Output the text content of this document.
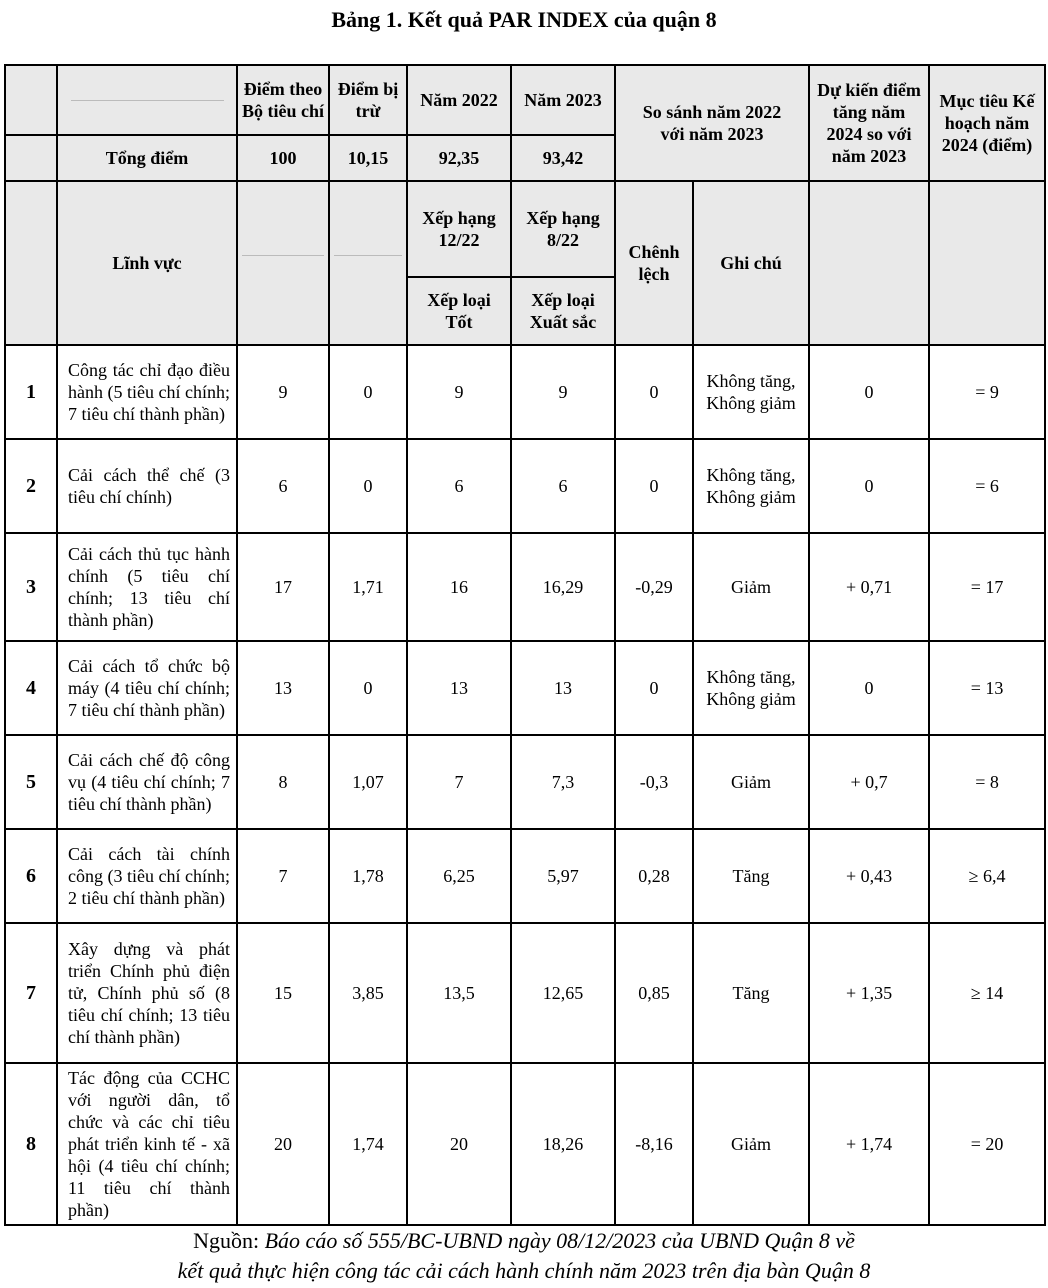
Bảng 1. Kết quả PAR INDEX của quận 8

	Điểm theo Bộ tiêu chí	Điểm bị trừ	Năm 2022	Năm 2023	So sánh năm 2022 với năm 2023		Dự kiến điểm tăng năm 2024 so với năm 2023	Mục tiêu Kế hoạch năm 2024 (điểm)
	Tổng điểm	100	10,15	92,35	93,42				
	Lĩnh vực			Xếp hạng 12/22	Xếp hạng 8/22	Chênh lệch	Ghi chú		
				Xếp loại Tốt	Xếp loại Xuất sắc				
1	Công tác chỉ đạo điều hành (5 tiêu chí chính; 7 tiêu chí thành phần)	9	0	9	9	0	Không tăng, Không giảm	0	= 9
2	Cải cách thể chế (3 tiêu chí chính)	6	0	6	6	0	Không tăng, Không giảm	0	= 6
3	Cải cách thủ tục hành chính (5 tiêu chí chính; 13 tiêu chí thành phần)	17	1,71	16	16,29	-0,29	Giảm	+ 0,71	= 17
4	Cải cách tổ chức bộ máy (4 tiêu chí chính; 7 tiêu chí thành phần)	13	0	13	13	0	Không tăng, Không giảm	0	= 13
5	Cải cách chế độ công vụ (4 tiêu chí chính; 7 tiêu chí thành phần)	8	1,07	7	7,3	-0,3	Giảm	+ 0,7	= 8
6	Cải cách tài chính công (3 tiêu chí chính; 2 tiêu chí thành phần)	7	1,78	6,25	5,97	0,28	Tăng	+ 0,43	≥ 6,4
7	Xây dựng và phát triển Chính phủ điện tử, Chính phủ số (8 tiêu chí chính; 13 tiêu chí thành phần)	15	3,85	13,5	12,65	0,85	Tăng	+ 1,35	≥ 14
8	Tác động của CCHC với người dân, tổ chức và các chỉ tiêu phát triển kinh tế - xã hội (4 tiêu chí chính; 11 tiêu chí thành phần)	20	1,74	20	18,26	-8,16	Giảm	+ 1,74	= 20
Nguồn: Báo cáo số 555/BC-UBND ngày 08/12/2023 của UBND Quận 8 về
kết quả thực hiện công tác cải cách hành chính năm 2023 trên địa bàn Quận 8
